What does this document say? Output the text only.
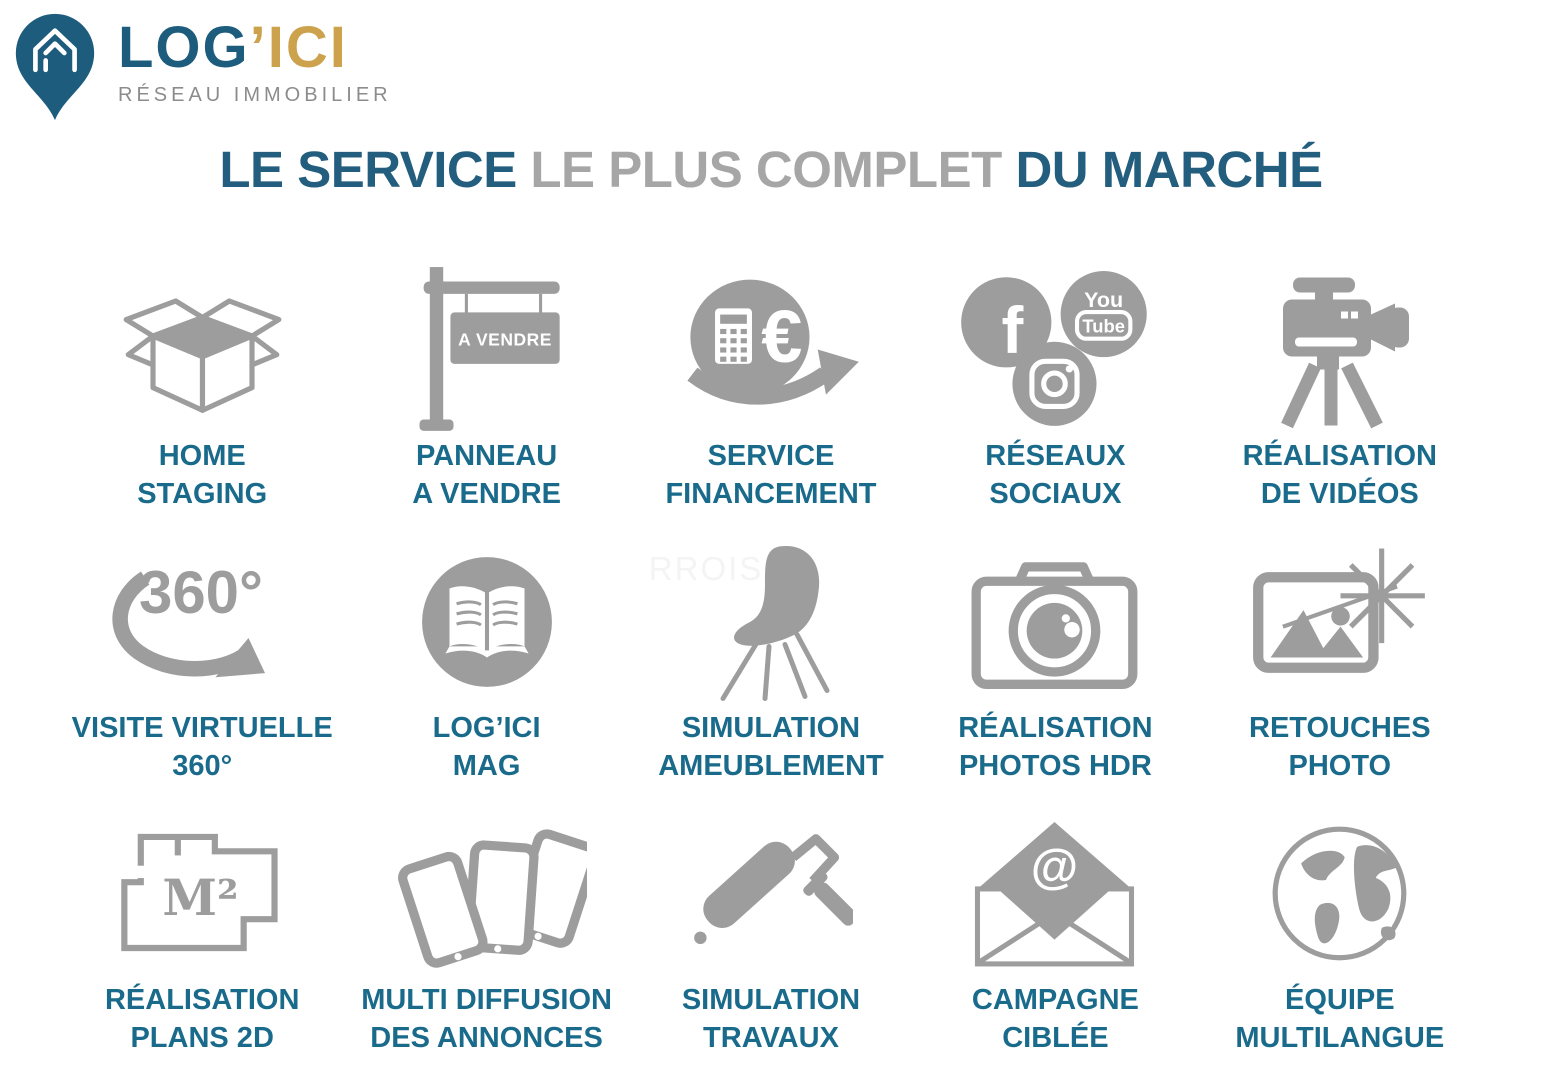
LOG’ICI
RÉSEAU IMMOBILIER
LE SERVICE LE PLUS COMPLET DU MARCHÉ
HOME
STAGING
A VENDRE
PANNEAU
A VENDRE
€
SERVICE
FINANCEMENT
f	You
Tube
RÉSEAUX
SOCIAUX
RÉALISATION
DE VIDÉOS
360°
VISITE VIRTUELLE
360°
LOG’ICI
MAG
RROIS
SIMULATION
AMEUBLEMENT
RÉALISATION
PHOTOS HDR
RETOUCHES
PHOTO
M²
RÉALISATION
PLANS 2D
MULTI DIFFUSION
DES ANNONCES
SIMULATION
TRAVAUX
@
CAMPAGNE
CIBLÉE
ÉQUIPE
MULTILANGUE
